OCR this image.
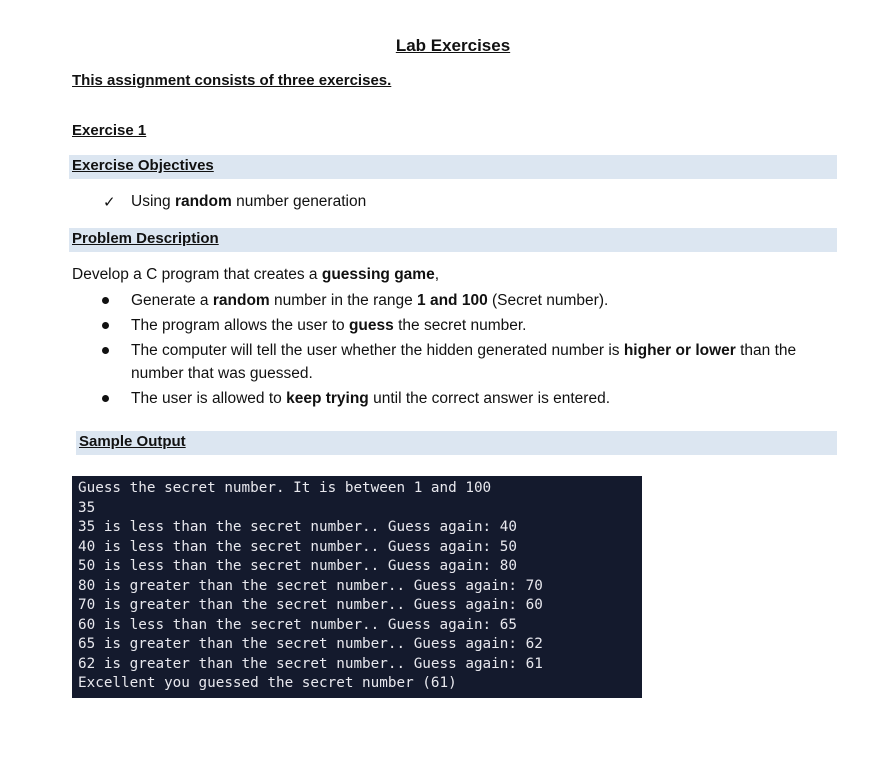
Lab Exercises
This assignment consists of three exercises.
Exercise 1
Exercise Objectives
✓ Using random number generation
Problem Description
Develop a C program that creates a guessing game,
Generate a random number in the range 1 and 100 (Secret number).
The program allows the user to guess the secret number.
The computer will tell the user whether the hidden generated number is higher or lower than the number that was guessed.
The user is allowed to keep trying until the correct answer is entered.
Sample Output
Guess the secret number. It is between 1 and 100
35
35 is less than the secret number.. Guess again: 40
40 is less than the secret number.. Guess again: 50
50 is less than the secret number.. Guess again: 80
80 is greater than the secret number.. Guess again: 70
70 is greater than the secret number.. Guess again: 60
60 is less than the secret number.. Guess again: 65
65 is greater than the secret number.. Guess again: 62
62 is greater than the secret number.. Guess again: 61
Excellent you guessed the secret number (61)
